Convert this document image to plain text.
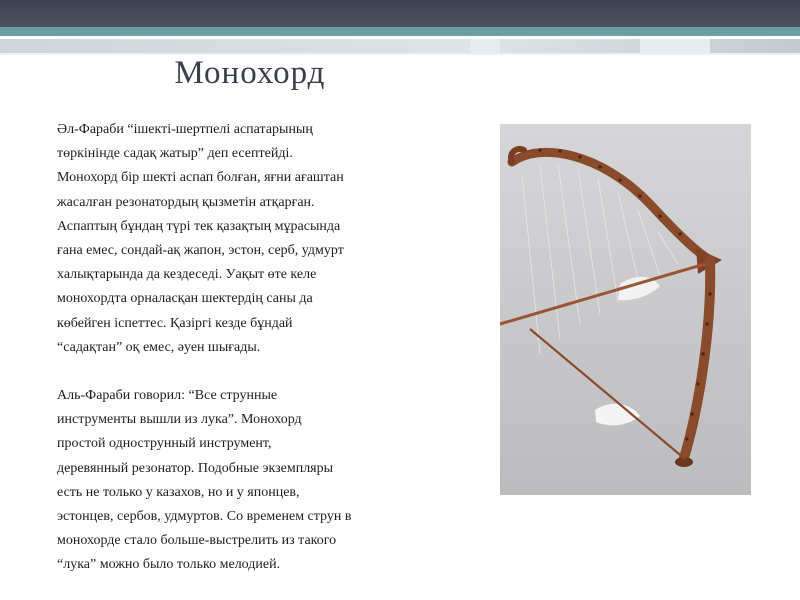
Монохорд

Әл-Фараби “ішекті-шертпелі аспатарының
төркінінде садақ жатыр” деп есептейді.
Монохорд бір шекті аспап болған, яғни ағаштан
жасалған резонатордың қызметін атқарған.
Аспаптың бұндаң түрі тек қазақтың мұрасында
ғана емес, сондай-ақ жапон, эстон, серб, удмурт
халықтарында да кездеседі. Уақыт өте келе
монохордта орналасқан шектердің саны да
көбейген іспеттес. Қазіргі кезде бұндай
“садақтан” оқ емес, әуен шығады.

Аль-Фараби говорил: “Все струнные
инструменты вышли из лука”. Монохорд
простой однострунный инструмент,
деревянный резонатор. Подобные экземпляры
есть не только у казахов, но и у японцев,
эстонцев, сербов, удмуртов. Со временем струн в
монохорде стало больше-выстрелить из такого
“лука” можно было только мелодией.
